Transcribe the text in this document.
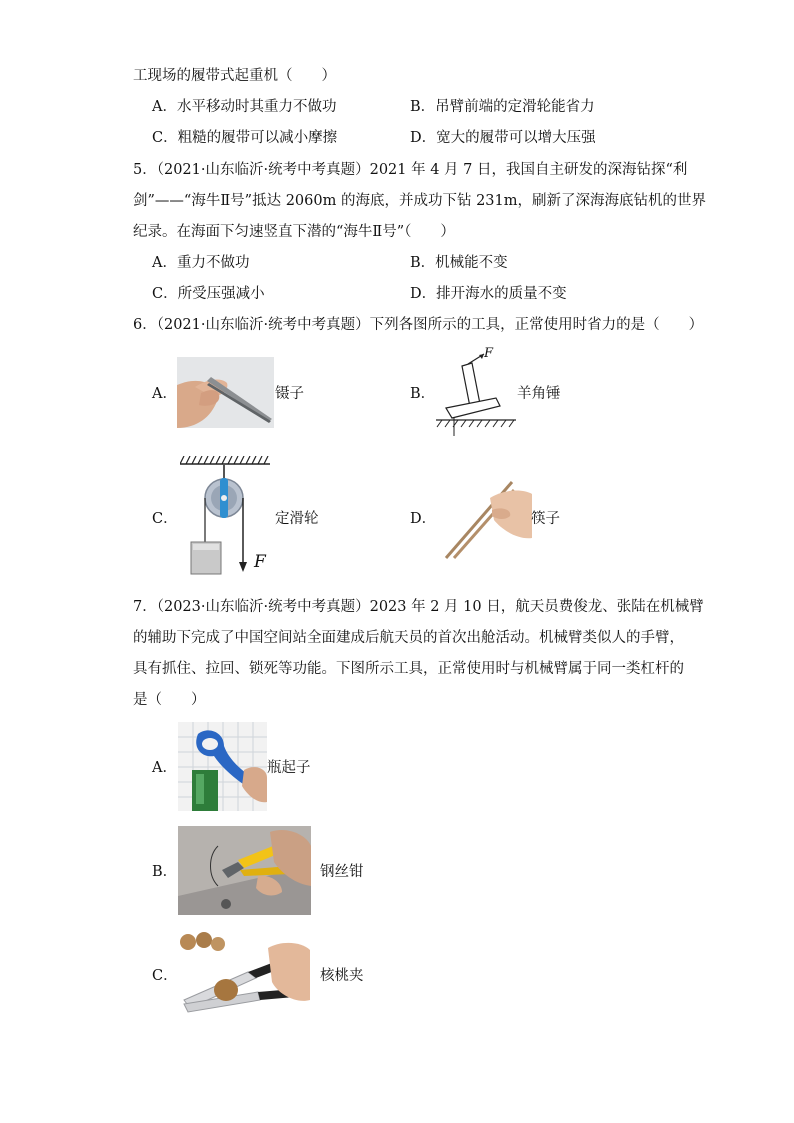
工现场的履带式起重机（　　）
A．水平移动时其重力不做功	B．吊臂前端的定滑轮能省力
C．粗糙的履带可以减小摩擦	D．宽大的履带可以增大压强
5．（2021·山东临沂·统考中考真题）2021 年 4 月 7 日，我国自主研发的深海钻探“利
剑”——“海牛Ⅱ号”抵达 2060m 的海底，并成功下钻 231m，刷新了深海海底钻机的世界
纪录。在海面下匀速竖直下潜的“海牛Ⅱ号”（　　）
A．重力不做功	B．机械能不变
C．所受压强减小	D．排开海水的质量不变
6．（2021·山东临沂·统考中考真题）下列各图所示的工具，正常使用时省力的是（　　）
A．	镊子	B．
F
羊角锤
C．
F
定滑轮	D．	筷子
7．（2023·山东临沂·统考中考真题）2023 年 2 月 10 日，航天员费俊龙、张陆在机械臂
的辅助下完成了中国空间站全面建成后航天员的首次出舱活动。机械臂类似人的手臂，
具有抓住、拉回、锁死等功能。下图所示工具，正常使用时与机械臂属于同一类杠杆的
是（　　）
A．	瓶起子
B．	钢丝钳
C．	核桃夹
